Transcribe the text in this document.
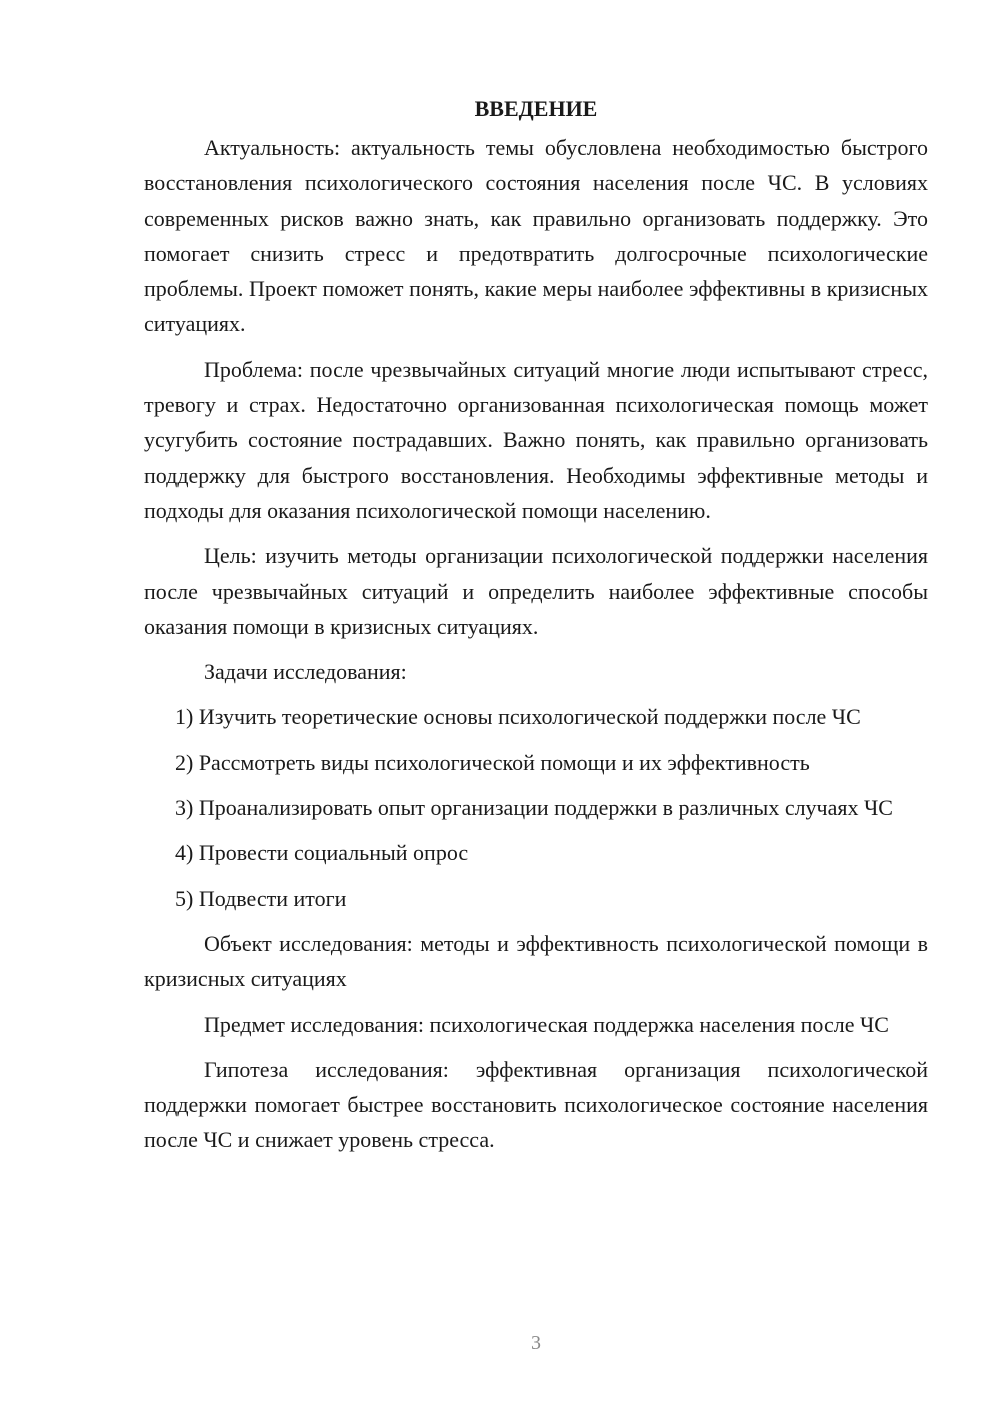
ВВЕДЕНИЕ

Актуальность: актуальность темы обусловлена необходимостью быстрого восстановления психологического состояния населения после ЧС. В условиях современных рисков важно знать, как правильно организовать поддержку. Это помогает снизить стресс и предотвратить долгосрочные психологические проблемы. Проект поможет понять, какие меры наиболее эффективны в кризисных ситуациях.

Проблема: после чрезвычайных ситуаций многие люди испытывают стресс, тревогу и страх. Недостаточно организованная психологическая помощь может усугубить состояние пострадавших. Важно понять, как правильно организовать поддержку для быстрого восстановления. Необходимы эффективные методы и подходы для оказания психологической помощи населению.

Цель: изучить методы организации психологической поддержки населения после чрезвычайных ситуаций и определить наиболее эффективные способы оказания помощи в кризисных ситуациях.

Задачи исследования:

1) Изучить теоретические основы психологической поддержки после ЧС

2) Рассмотреть виды психологической помощи и их эффективность

3) Проанализировать опыт организации поддержки в различных случаях ЧС

4) Провести социальный опрос

5) Подвести итоги

Объект исследования: методы и эффективность психологической помощи в кризисных ситуациях

Предмет исследования: психологическая поддержка населения после ЧС

Гипотеза исследования: эффективная организация психологической поддержки помогает быстрее восстановить психологическое состояние населения после ЧС и снижает уровень стресса.

3
